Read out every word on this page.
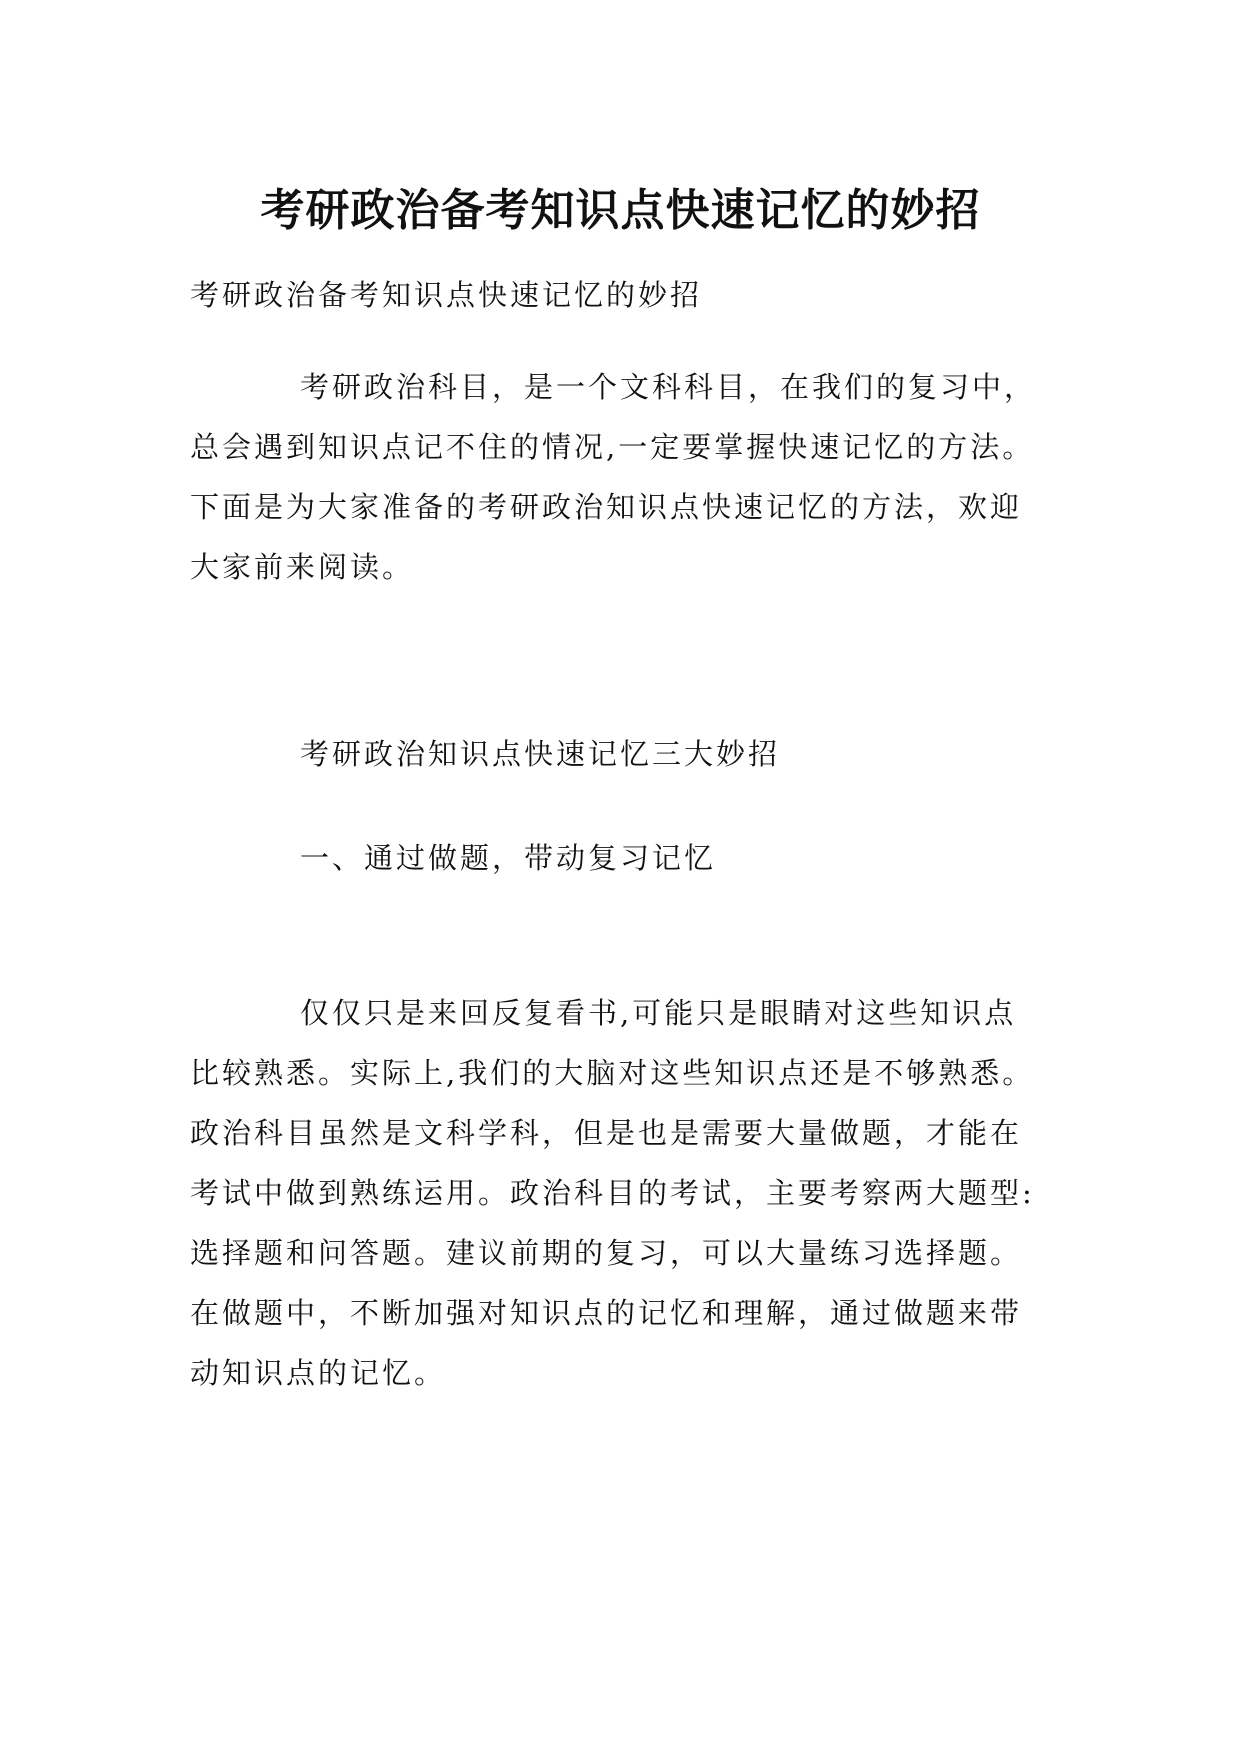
考研政治备考知识点快速记忆的妙招

考研政治备考知识点快速记忆的妙招

考研政治科目，是一个文科科目，在我们的复习中，
总会遇到知识点记不住的情况,一定要掌握快速记忆的方法。
下面是为大家准备的考研政治知识点快速记忆的方法，欢迎
大家前来阅读。

考研政治知识点快速记忆三大妙招

一、通过做题，带动复习记忆

仅仅只是来回反复看书,可能只是眼睛对这些知识点
比较熟悉。实际上,我们的大脑对这些知识点还是不够熟悉。
政治科目虽然是文科学科，但是也是需要大量做题，才能在
考试中做到熟练运用。政治科目的考试，主要考察两大题型:
选择题和问答题。建议前期的复习，可以大量练习选择题。
在做题中，不断加强对知识点的记忆和理解，通过做题来带
动知识点的记忆。
